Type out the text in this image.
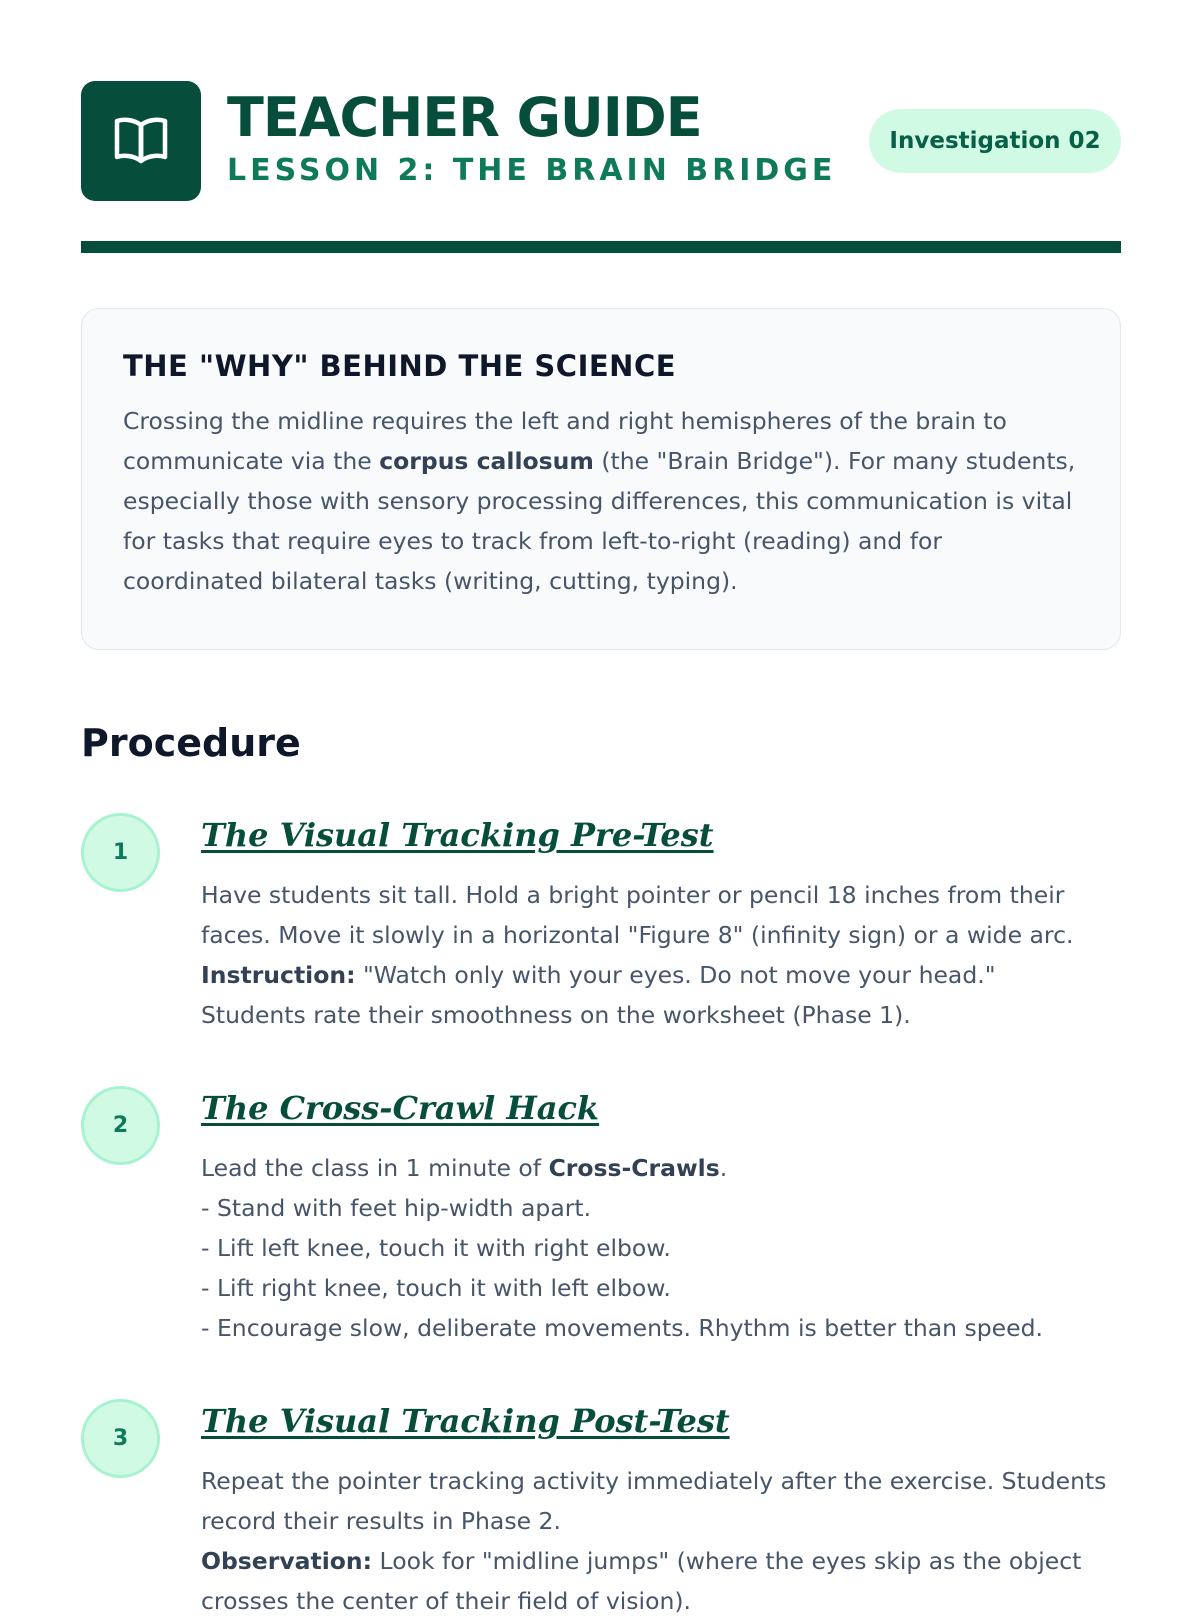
TEACHER GUIDE
LESSON 2: THE BRAIN BRIDGE
Investigation 02
THE "WHY" BEHIND THE SCIENCE
Crossing the midline requires the left and right hemispheres of the brain to communicate via the corpus callosum (the "Brain Bridge"). For many students, especially those with sensory processing differences, this communication is vital for tasks that require eyes to track from left-to-right (reading) and for coordinated bilateral tasks (writing, cutting, typing).
Procedure
1	The Visual Tracking Pre-Test
Have students sit tall. Hold a bright pointer or pencil 18 inches from their faces. Move it slowly in a horizontal "Figure 8" (infinity sign) or a wide arc.
Instruction: "Watch only with your eyes. Do not move your head."
Students rate their smoothness on the worksheet (Phase 1).
2	The Cross-Crawl Hack
Lead the class in 1 minute of Cross-Crawls.
- Stand with feet hip-width apart.
- Lift left knee, touch it with right elbow.
- Lift right knee, touch it with left elbow.
- Encourage slow, deliberate movements. Rhythm is better than speed.
3	The Visual Tracking Post-Test
Repeat the pointer tracking activity immediately after the exercise. Students record their results in Phase 2.
Observation: Look for "midline jumps" (where the eyes skip as the object crosses the center of their field of vision).
